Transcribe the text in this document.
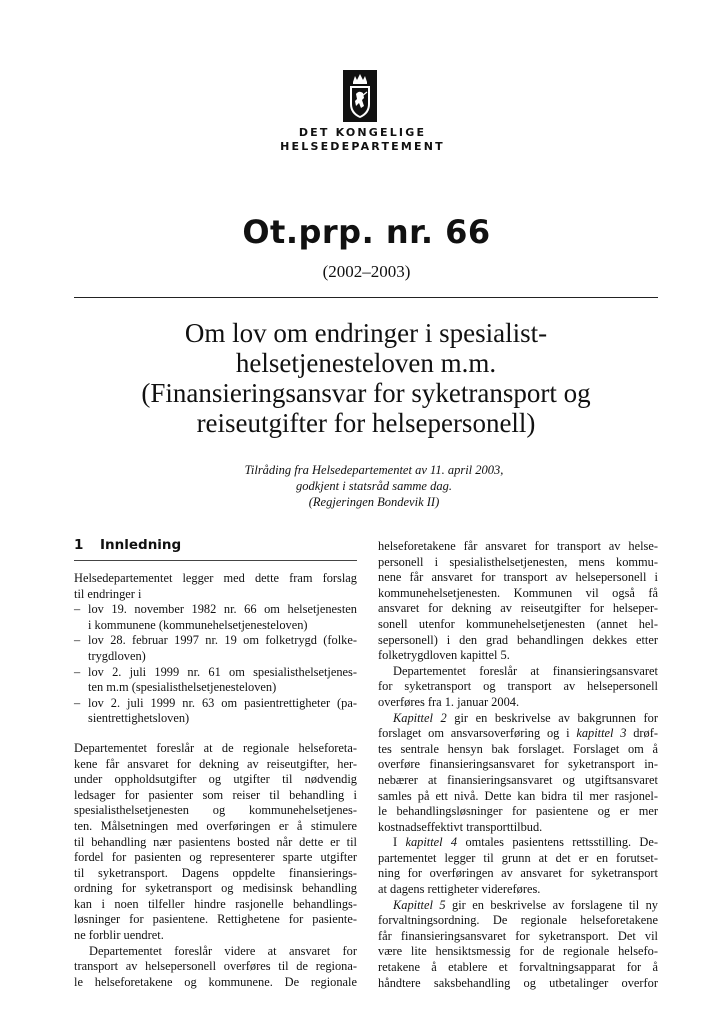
DET KONGELIGE
HELSEDEPARTEMENT
Ot.prp. nr. 66
(2002–2003)
Om lov om endringer i spesialist-
helsetjenesteloven m.m.
(Finansieringsansvar for syketransport og
reiseutgifter for helsepersonell)
Tilråding fra Helsedepartementet av 11. april 2003,
godkjent i statsråd samme dag.
(Regjeringen Bondevik II)
1 Innledning
Helsedepartementet legger med dette fram forslag
til endringer i
– lov 19. november 1982 nr. 66 om helsetjenesten
i kommunene (kommunehelsetjenesteloven)
– lov 28. februar 1997 nr. 19 om folketrygd (folke-
trygdloven)
– lov 2. juli 1999 nr. 61 om spesialisthelsetjenes-
ten m.m (spesialisthelsetjenesteloven)
– lov 2. juli 1999 nr. 63 om pasientrettigheter (pa-
sientrettighetsloven)
Departementet foreslår at de regionale helseforeta-
kene får ansvaret for dekning av reiseutgifter, her-
under oppholdsutgifter og utgifter til nødvendig
ledsager for pasienter som reiser til behandling i
spesialisthelsetjenesten og kommunehelsetjenes-
ten. Målsetningen med overføringen er å stimulere
til behandling nær pasientens bosted når dette er til
fordel for pasienten og representerer sparte utgifter
til syketransport. Dagens oppdelte finansierings-
ordning for syketransport og medisinsk behandling
kan i noen tilfeller hindre rasjonelle behandlings-
løsninger for pasientene. Rettighetene for pasiente-
ne forblir uendret.
Departementet foreslår videre at ansvaret for
transport av helsepersonell overføres til de regiona-
le helseforetakene og kommunene. De regionale
helseforetakene får ansvaret for transport av helse-
personell i spesialisthelsetjenesten, mens kommu-
nene får ansvaret for transport av helsepersonell i
kommunehelsetjenesten. Kommunen vil også få
ansvaret for dekning av reiseutgifter for helseper-
sonell utenfor kommunehelsetjenesten (annet hel-
sepersonell) i den grad behandlingen dekkes etter
folketrygdloven kapittel 5.
Departementet foreslår at finansieringsansvaret
for syketransport og transport av helsepersonell
overføres fra 1. januar 2004.
Kapittel 2 gir en beskrivelse av bakgrunnen for
forslaget om ansvarsoverføring og i kapittel 3 drøf-
tes sentrale hensyn bak forslaget. Forslaget om å
overføre finansieringsansvaret for syketransport in-
nebærer at finansieringsansvaret og utgiftsansvaret
samles på ett nivå. Dette kan bidra til mer rasjonel-
le behandlingsløsninger for pasientene og er mer
kostnadseffektivt transporttilbud.
I kapittel 4 omtales pasientens rettsstilling. De-
partementet legger til grunn at det er en forutset-
ning for overføringen av ansvaret for syketransport
at dagens rettigheter videreføres.
Kapittel 5 gir en beskrivelse av forslagene til ny
forvaltningsordning. De regionale helseforetakene
får finansieringsansvaret for syketransport. Det vil
være lite hensiktsmessig for de regionale helsefo-
retakene å etablere et forvaltningsapparat for å
håndtere saksbehandling og utbetalinger overfor
